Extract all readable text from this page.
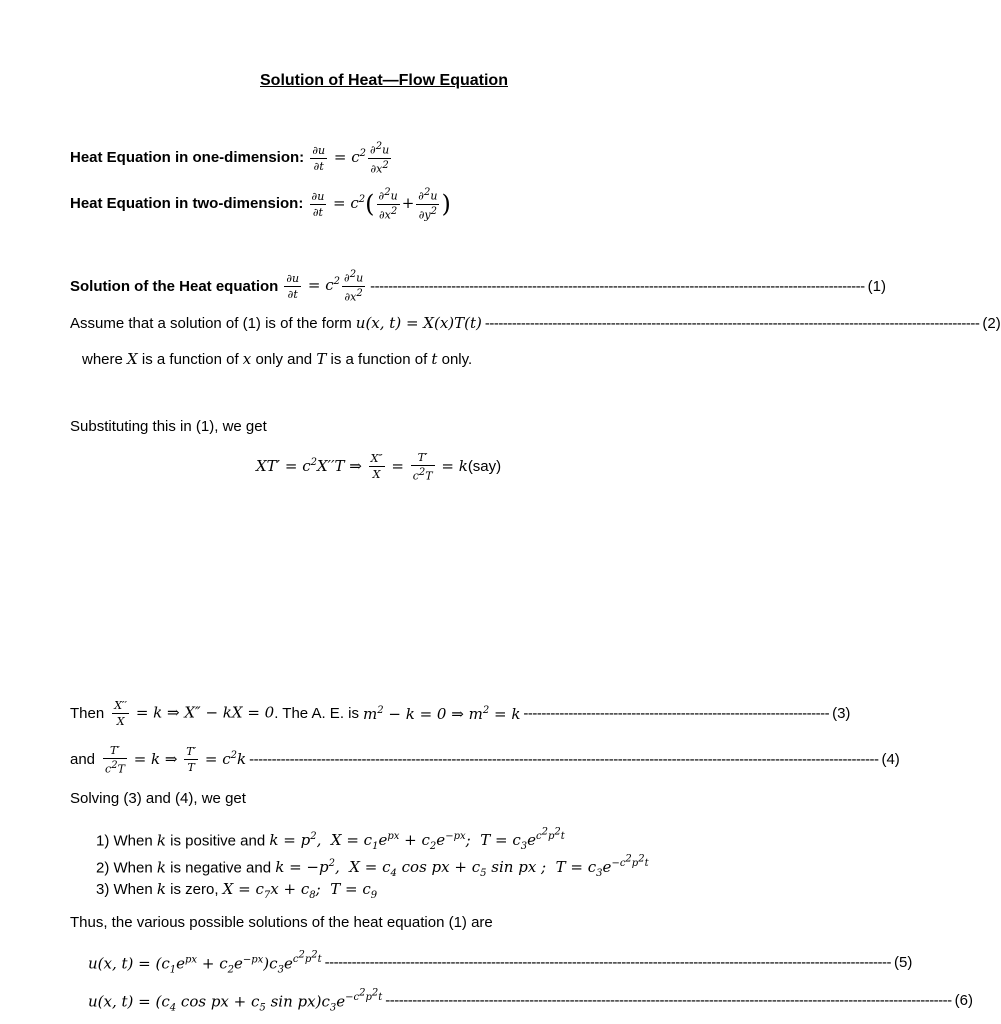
Solution of Heat—Flow Equation
Heat Equation in one-dimension: $\frac{\partial u}{\partial t} = c^2 \frac{\partial^2u}{\partial x^2}$
Heat Equation in two-dimension: $\frac{\partial u}{\partial t} = c^2( \frac{\partial^2u}{\partial x^2} + \frac{\partial^2u}{\partial y^2}$ )
Solution of the Heat equation $\frac{\partial u}{\partial t} = c^2 \frac{\partial^2u}{\partial x^2}$ -------------------------------------------------------------------------------------------------------------- (1)
Assume that a solution of (1) is of the form u(x, t) = X(x)T(t) -------------------------------------------------------------------------------------------------------------- (2)
where X is a function of x only and T is a function of t only.
Substituting this in (1), we get
$XT' = c^2X''T$ ⇒ $\frac{X''}{X} = \frac{T'}{c^2T} = k(say)$
Then $\frac{X''}{X} = k$ ⇒ X″ − kX = 0 . The A. E. is $m^2 - k = 0$ ⇒ $m^2 = k$ -------------------------------------------------------------------- (3)
and $\frac{T'}{c^2T} = k$ ⇒ $\frac{T'}{T} = c^2k$ -------------------------------------------------------------------------------------------------------------------------------------------- (4)
Solving (3) and (4), we get
1) When k is positive and $k = p^2$,  $X = c_1e^{px} + c_2e^{-px}$;  $T = c_3e^{c^2p^2t}$
2) When k is negative and $k = -p^2$,  $X = c_4$ cos px + $c_5$ sin px ;  $T = c_3e^{-c^2p^2t}$
3) When k is zero, $X = c_7x + c_8$;  $T = c_9$
Thus, the various possible solutions of the heat equation (1) are
u(x, $t) = (c_1e^{px} + c_2e^{-px})c_3e^{c^2p^2t}$ ------------------------------------------------------------------------------------------------------------------------------ (5)
u(x, $t) = (c_4$ cos px + $c_5$ $\sin px)c_3e^{-c^2p^2t}$ ------------------------------------------------------------------------------------------------------------------------------ (6)
